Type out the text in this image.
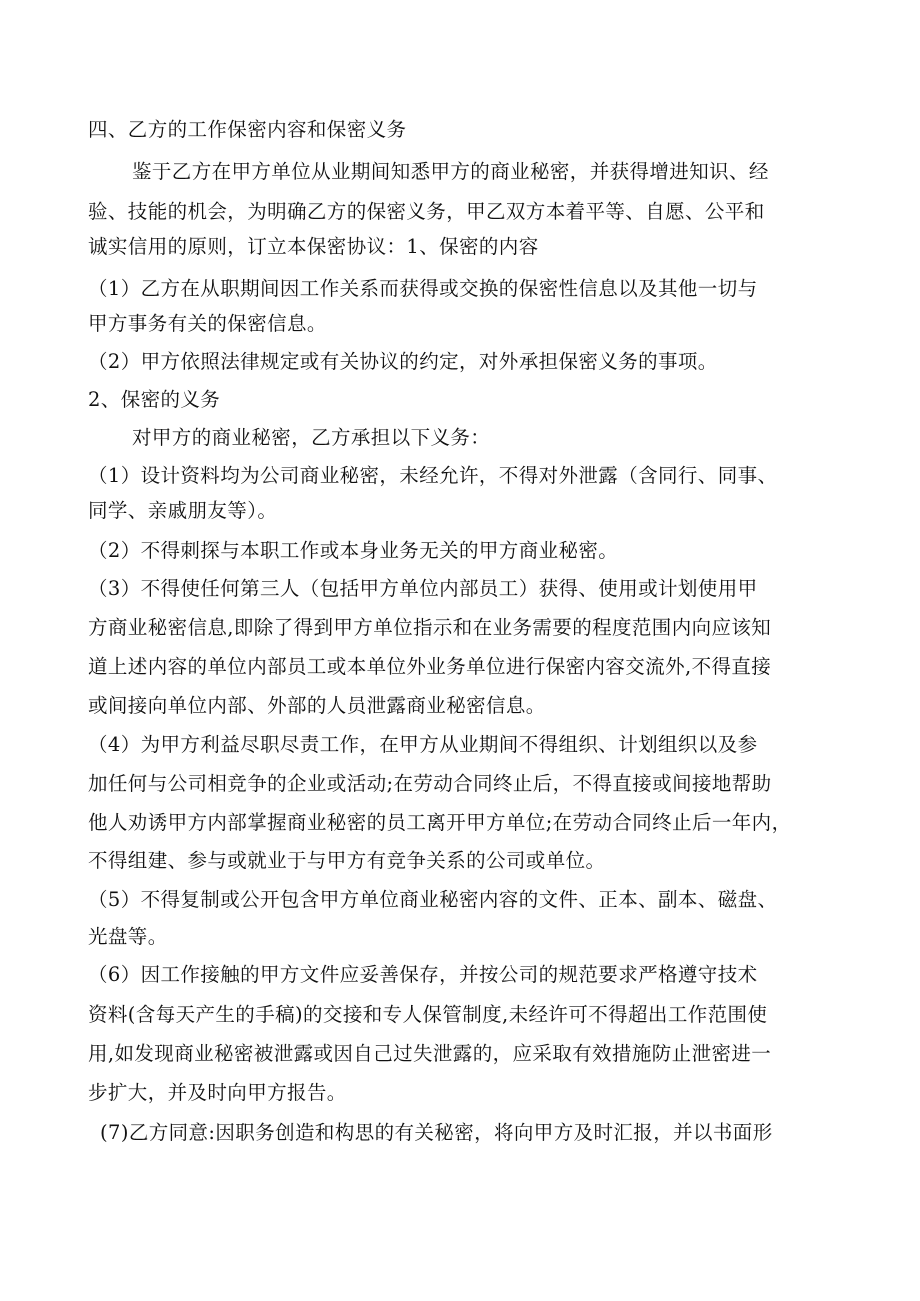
四、乙方的工作保密内容和保密义务
鉴于乙方在甲方单位从业期间知悉甲方的商业秘密，并获得增进知识、经
验、技能的机会，为明确乙方的保密义务，甲乙双方本着平等、自愿、公平和
诚实信用的原则，订立本保密协议：1、保密的内容
（1）乙方在从职期间因工作关系而获得或交换的保密性信息以及其他一切与
甲方事务有关的保密信息。
（2）甲方依照法律规定或有关协议的约定，对外承担保密义务的事项。
2、保密的义务
对甲方的商业秘密，乙方承担以下义务：
（1）设计资料均为公司商业秘密，未经允许，不得对外泄露（含同行、同事、
同学、亲戚朋友等）。
（2）不得刺探与本职工作或本身业务无关的甲方商业秘密。
（3）不得使任何第三人（包括甲方单位内部员工）获得、使用或计划使用甲
方商业秘密信息,即除了得到甲方单位指示和在业务需要的程度范围内向应该知
道上述内容的单位内部员工或本单位外业务单位进行保密内容交流外,不得直接
或间接向单位内部、外部的人员泄露商业秘密信息。
（4）为甲方利益尽职尽责工作，在甲方从业期间不得组织、计划组织以及参
加任何与公司相竞争的企业或活动;在劳动合同终止后，不得直接或间接地帮助
他人劝诱甲方内部掌握商业秘密的员工离开甲方单位;在劳动合同终止后一年内，
不得组建、参与或就业于与甲方有竞争关系的公司或单位。
（5）不得复制或公开包含甲方单位商业秘密内容的文件、正本、副本、磁盘、
光盘等。
（6）因工作接触的甲方文件应妥善保存，并按公司的规范要求严格遵守技术
资料(含每天产生的手稿)的交接和专人保管制度,未经许可不得超出工作范围使
用,如发现商业秘密被泄露或因自己过失泄露的，应采取有效措施防止泄密进一
步扩大，并及时向甲方报告。
(7)乙方同意:因职务创造和构思的有关秘密，将向甲方及时汇报，并以书面形
